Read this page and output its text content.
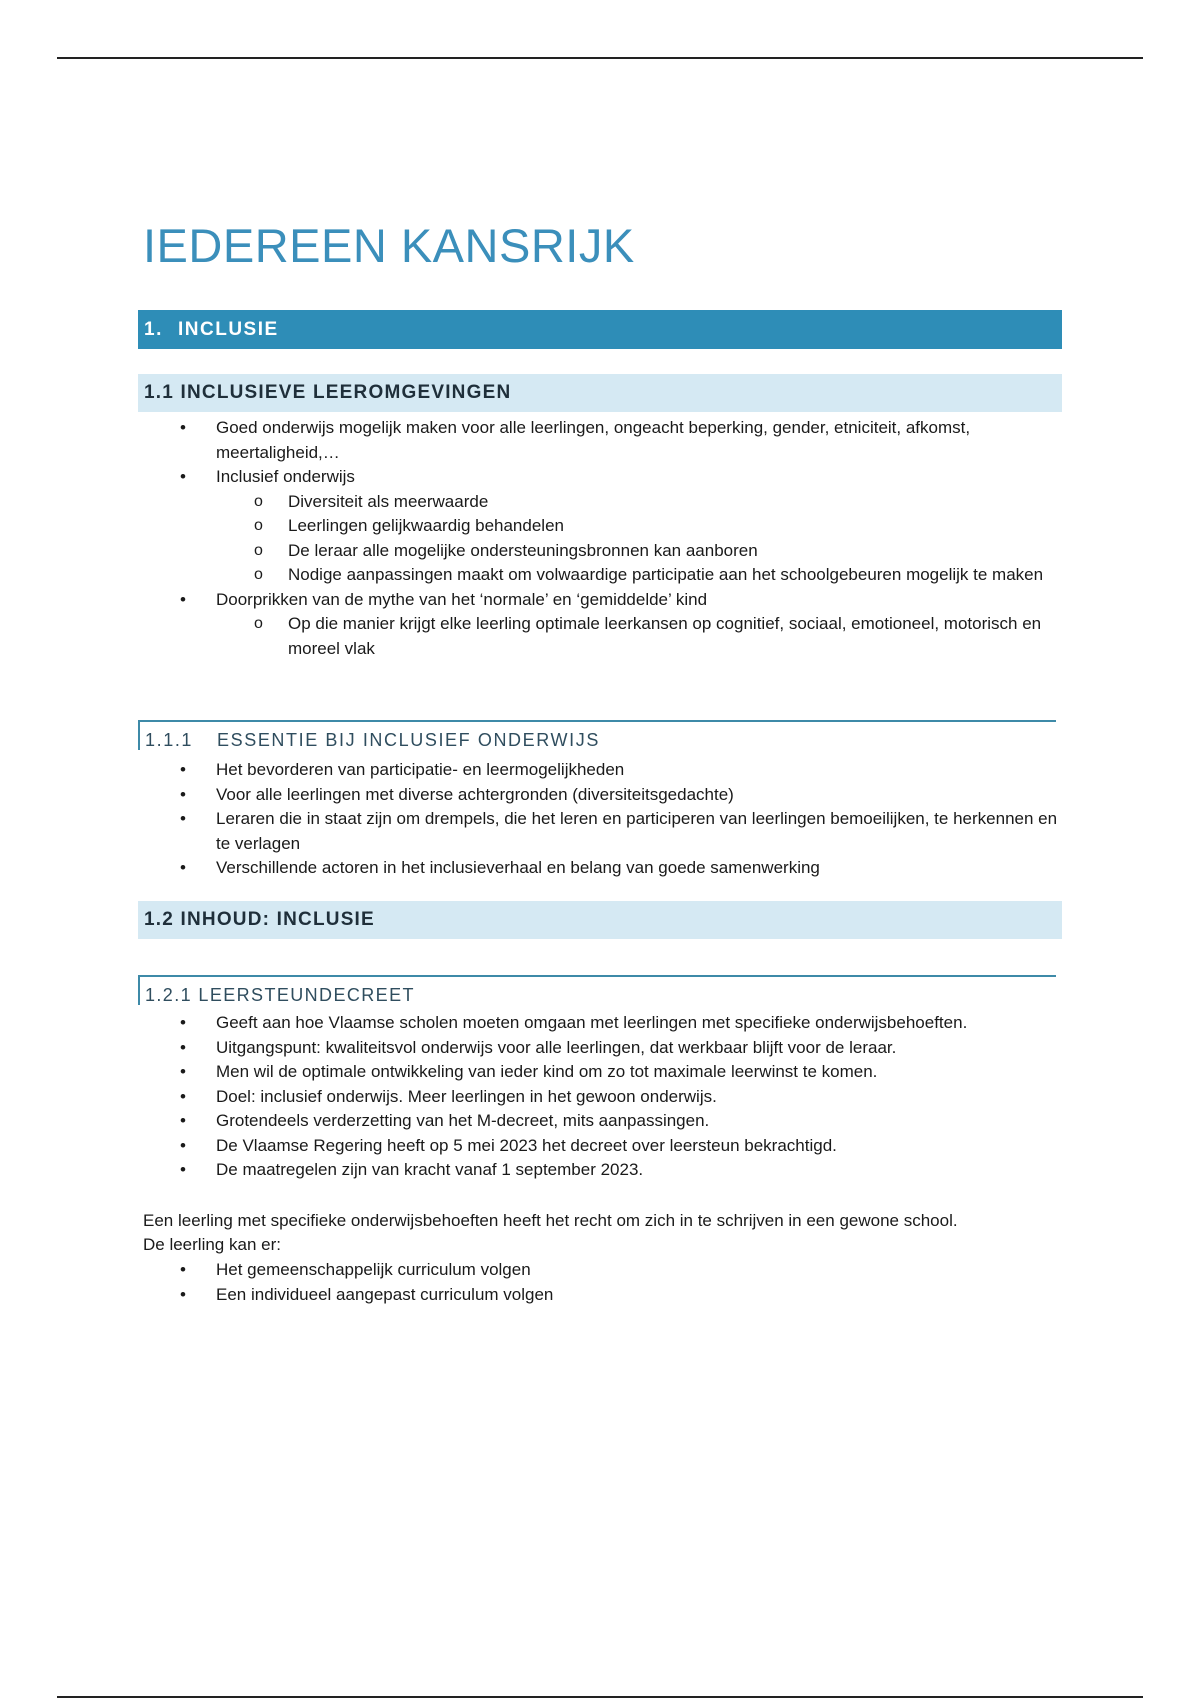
IEDEREEN KANSRIJK
1. INCLUSIE
1.1 INCLUSIEVE LEEROMGEVINGEN
• Goed onderwijs mogelijk maken voor alle leerlingen, ongeacht beperking, gender, etniciteit, afkomst, meertaligheid,…
• Inclusief onderwijs
o Diversiteit als meerwaarde
o Leerlingen gelijkwaardig behandelen
o De leraar alle mogelijke ondersteuningsbronnen kan aanboren
o Nodige aanpassingen maakt om volwaardige participatie aan het schoolgebeuren mogelijk te maken
• Doorprikken van de mythe van het ‘normale’ en ‘gemiddelde’ kind
o Op die manier krijgt elke leerling optimale leerkansen op cognitief, sociaal, emotioneel, motorisch en moreel vlak
1.1.1 ESSENTIE BIJ INCLUSIEF ONDERWIJS
• Het bevorderen van participatie- en leermogelijkheden
• Voor alle leerlingen met diverse achtergronden (diversiteitsgedachte)
• Leraren die in staat zijn om drempels, die het leren en participeren van leerlingen bemoeilijken, te herkennen en te verlagen
• Verschillende actoren in het inclusieverhaal en belang van goede samenwerking
1.2 INHOUD: INCLUSIE
1.2.1 LEERSTEUNDECREET
• Geeft aan hoe Vlaamse scholen moeten omgaan met leerlingen met specifieke onderwijsbehoeften.
• Uitgangspunt: kwaliteitsvol onderwijs voor alle leerlingen, dat werkbaar blijft voor de leraar.
• Men wil de optimale ontwikkeling van ieder kind om zo tot maximale leerwinst te komen.
• Doel: inclusief onderwijs. Meer leerlingen in het gewoon onderwijs.
• Grotendeels verderzetting van het M-decreet, mits aanpassingen.
• De Vlaamse Regering heeft op 5 mei 2023 het decreet over leersteun bekrachtigd.
• De maatregelen zijn van kracht vanaf 1 september 2023.
Een leerling met specifieke onderwijsbehoeften heeft het recht om zich in te schrijven in een gewone school.
De leerling kan er:
• Het gemeenschappelijk curriculum volgen
• Een individueel aangepast curriculum volgen
